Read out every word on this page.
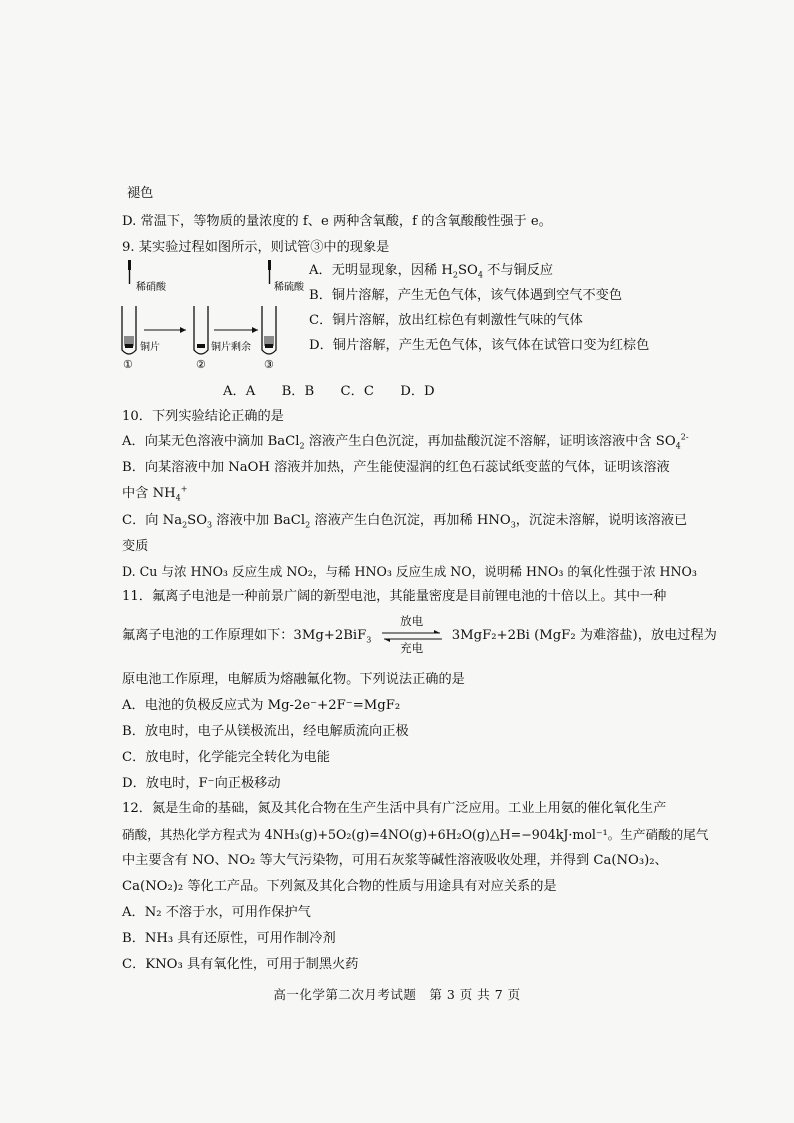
褪色
D. 常温下，等物质的量浓度的 f、e 两种含氧酸，f 的含氧酸酸性强于 e。
9. 某实验过程如图所示，则试管③中的现象是
稀硝酸
铜片
①
铜片剩余
②
稀硫酸
③
A．无明显现象，因稀 $H_2SO_4$ 不与铜反应
B．铜片溶解，产生无色气体，该气体遇到空气不变色
C．铜片溶解，放出红棕色有刺激性气味的气体
D．铜片溶解，产生无色气体，该气体在试管口变为红棕色
A．A　　B．B　　C．C　　D．D
10．下列实验结论正确的是
A．向某无色溶液中滴加 BaCl$_2$ 溶液产生白色沉淀，再加盐酸沉淀不溶解，证明该溶液中含 $SO_4^{2-}$
B．向某溶液中加 NaOH 溶液并加热，产生能使湿润的红色石蕊试纸变蓝的气体，证明该溶液
中含 $NH_4^+$
C．向 $Na_2SO_3$ 溶液中加 BaCl$_2$ 溶液产生白色沉淀，再加稀 $HNO_3$，沉淀未溶解，说明该溶液已
变质
D. Cu 与浓 HNO₃ 反应生成 NO₂，与稀 HNO₃ 反应生成 NO，说明稀 HNO₃ 的氧化性强于浓 HNO₃
11．氟离子电池是一种前景广阔的新型电池，其能量密度是目前锂电池的十倍以上。其中一种
氟离子电池的工作原理如下：3Mg+2BiF$_3$
放电
充电
3MgF₂+2Bi (MgF₂ 为难溶盐)，放电过程为
原电池工作原理，电解质为熔融氟化物。下列说法正确的是
A．电池的负极反应式为 Mg-2e⁻+2F⁻=MgF₂
B．放电时，电子从镁极流出，经电解质流向正极
C．放电时，化学能完全转化为电能
D．放电时，F⁻向正极移动
12．氮是生命的基础，氮及其化合物在生产生活中具有广泛应用。工业上用氨的催化氧化生产
硝酸，其热化学方程式为 4NH₃(g)+5O₂(g)=4NO(g)+6H₂O(g)△H=−904kJ·mol⁻¹。生产硝酸的尾气
中主要含有 NO、NO₂ 等大气污染物，可用石灰浆等碱性溶液吸收处理，并得到 Ca(NO₃)₂、
Ca(NO₂)₂ 等化工产品。下列氮及其化合物的性质与用途具有对应关系的是
A．N₂ 不溶于水，可用作保护气
B．NH₃ 具有还原性，可用作制冷剂
C．KNO₃ 具有氧化性，可用于制黑火药
高一化学第二次月考试题　第 3 页 共 7 页
